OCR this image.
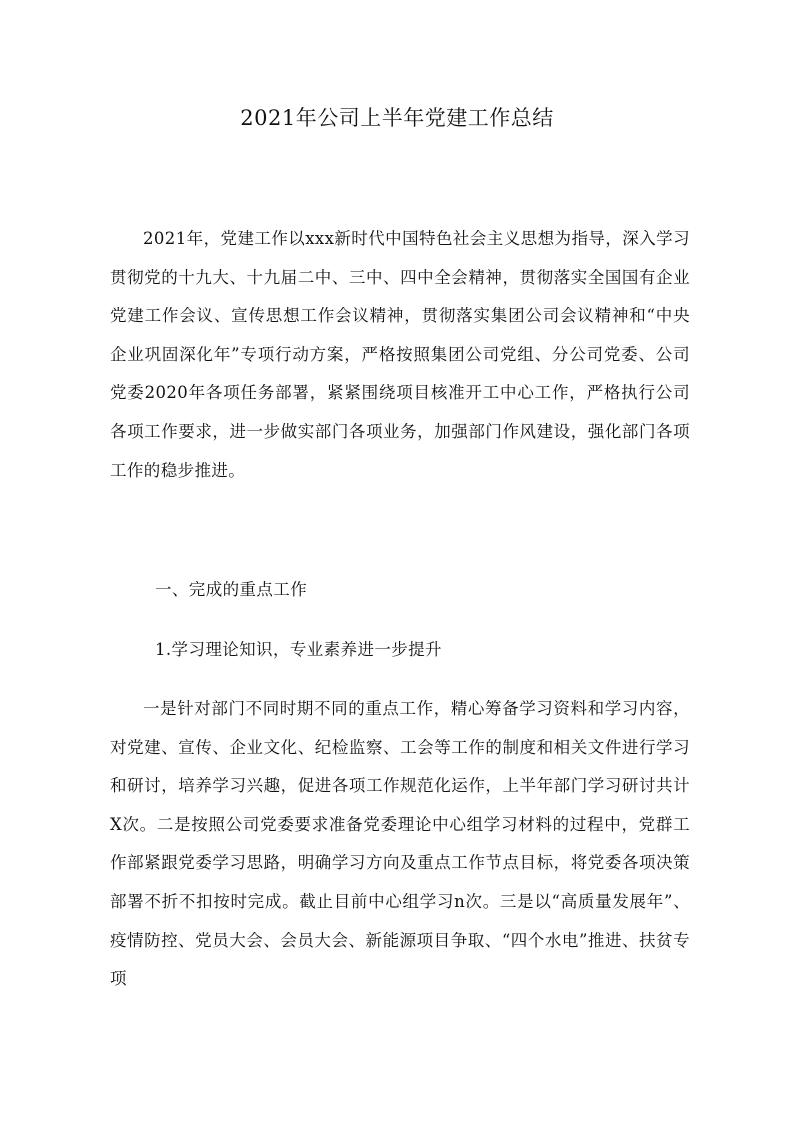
2021年公司上半年党建工作总结

2021年，党建工作以xxx新时代中国特色社会主义思想为指导，深入学习贯彻党的十九大、十九届二中、三中、四中全会精神，贯彻落实全国国有企业党建工作会议、宣传思想工作会议精神，贯彻落实集团公司会议精神和“中央企业巩固深化年”专项行动方案，严格按照集团公司党组、分公司党委、公司党委2020年各项任务部署，紧紧围绕项目核准开工中心工作，严格执行公司各项工作要求，进一步做实部门各项业务，加强部门作风建设，强化部门各项工作的稳步推进。

一、完成的重点工作
1.学习理论知识，专业素养进一步提升

一是针对部门不同时期不同的重点工作，精心筹备学习资料和学习内容，对党建、宣传、企业文化、纪检监察、工会等工作的制度和相关文件进行学习和研讨，培养学习兴趣，促进各项工作规范化运作，上半年部门学习研讨共计X次。二是按照公司党委要求准备党委理论中心组学习材料的过程中，党群工作部紧跟党委学习思路，明确学习方向及重点工作节点目标，将党委各项决策部署不折不扣按时完成。截止目前中心组学习n次。三是以“高质量发展年”、疫情防控、党员大会、会员大会、新能源项目争取、“四个水电”推进、扶贫专项
